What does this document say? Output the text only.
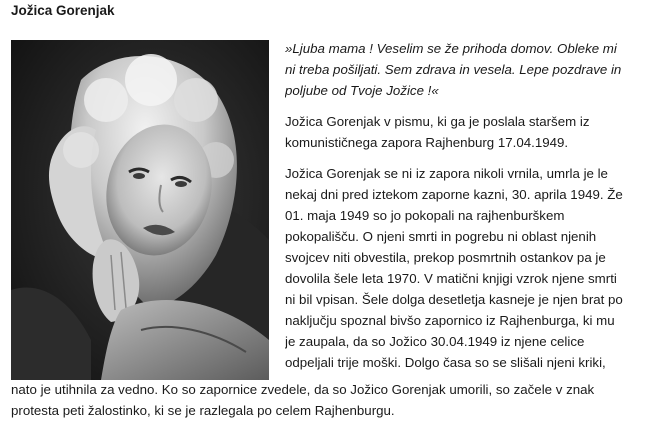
Jožica Gorenjak

»Ljuba mama ! Veselim se že prihoda domov. Obleke mi
ni treba pošiljati. Sem zdrava in vesela. Lepe pozdrave in
poljube od Tvoje Jožice !«

Jožica Gorenjak v pismu, ki ga je poslala staršem iz
komunističnega zapora Rajhenburg 17.04.1949.

Jožica Gorenjak se ni iz zapora nikoli vrnila, umrla je le
nekaj dni pred iztekom zaporne kazni, 30. aprila 1949. Že
01. maja 1949 so jo pokopali na rajhenburškem
pokopališču. O njeni smrti in pogrebu ni oblast njenih
svojcev niti obvestila, prekop posmrtnih ostankov pa je
dovolila šele leta 1970. V matični knjigi vzrok njene smrti
ni bil vpisan. Šele dolga desetletja kasneje je njen brat po
naključju spoznal bivšo zapornico iz Rajhenburga, ki mu
je zaupala, da so Jožico 30.04.1949 iz njene celice
odpeljali trije moški. Dolgo časa so se slišali njeni kriki,

nato je utihnila za vedno. Ko so zapornice zvedele, da so Jožico Gorenjak umorili, so začele v znak
protesta peti žalostinko, ki se je razlegala po celem Rajhenburgu.
